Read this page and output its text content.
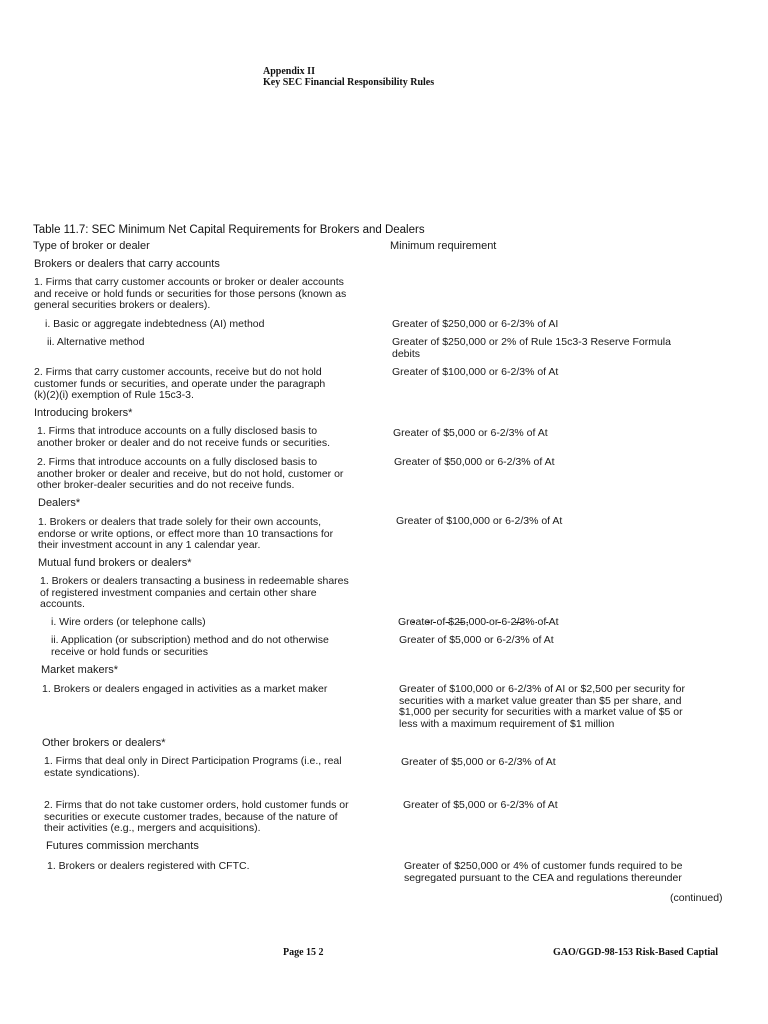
Appendix II
Key SEC Financial Responsibility Rules
Table 11.7: SEC Minimum Net Capital Requirements for Brokers and Dealers
Type of broker or dealer	Minimum requirement
Brokers or dealers that carry accounts
1. Firms that carry customer accounts or broker or dealer accounts
and receive or hold funds or securities for those persons (known as
general securities brokers or dealers).
i. Basic or aggregate indebtedness (AI) method	Greater of $250,000 or 6-2/3% of AI
ii. Alternative method	Greater of $250,000 or 2% of Rule 15c3-3 Reserve Formula
debits
2. Firms that carry customer accounts, receive but do not hold
customer funds or securities, and operate under the paragraph
(k)(2)(i) exemption of Rule 15c3-3.
Greater of $100,000 or 6-2/3% of At
Introducing brokers*
1. Firms that introduce accounts on a fully disclosed basis to
another broker or dealer and do not receive funds or securities.
Greater of $5,000 or 6-2/3% of At
2. Firms that introduce accounts on a fully disclosed basis to
another broker or dealer and receive, but do not hold, customer or
other broker-dealer securities and do not receive funds.
Greater of $50,000 or 6-2/3% of At
Dealers*
1. Brokers or dealers that trade solely for their own accounts,
endorse or write options, or effect more than 10 transactions for
their investment account in any 1 calendar year.
Greater of $100,000 or 6-2/3% of At
Mutual fund brokers or dealers*
1. Brokers or dealers transacting a business in redeemable shares
of registered investment companies and certain other share
accounts.
i. Wire orders (or telephone calls)	Greater of $25,000 or 6-2/3% of At
ii. Application (or subscription) method and do not otherwise
receive or hold funds or securities
Greater of $5,000 or 6-2/3% of At
Market makers*
1. Brokers or dealers engaged in activities as a market maker	Greater of $100,000 or 6-2/3% of AI or $2,500 per security for
securities with a market value greater than $5 per share, and
$1,000 per security for securities with a market value of $5 or
less with a maximum requirement of $1 million
Other brokers or dealers*
1. Firms that deal only in Direct Participation Programs (i.e., real
estate syndications).
Greater of $5,000 or 6-2/3% of At
2. Firms that do not take customer orders, hold customer funds or
securities or execute customer trades, because of the nature of
their activities (e.g., mergers and acquisitions).
Greater of $5,000 or 6-2/3% of At
Futures commission merchants
1. Brokers or dealers registered with CFTC.	Greater of $250,000 or 4% of customer funds required to be
segregated pursuant to the CEA and regulations thereunder
(continued)
Page 15 2	GAO/GGD-98-153 Risk-Based Captial
